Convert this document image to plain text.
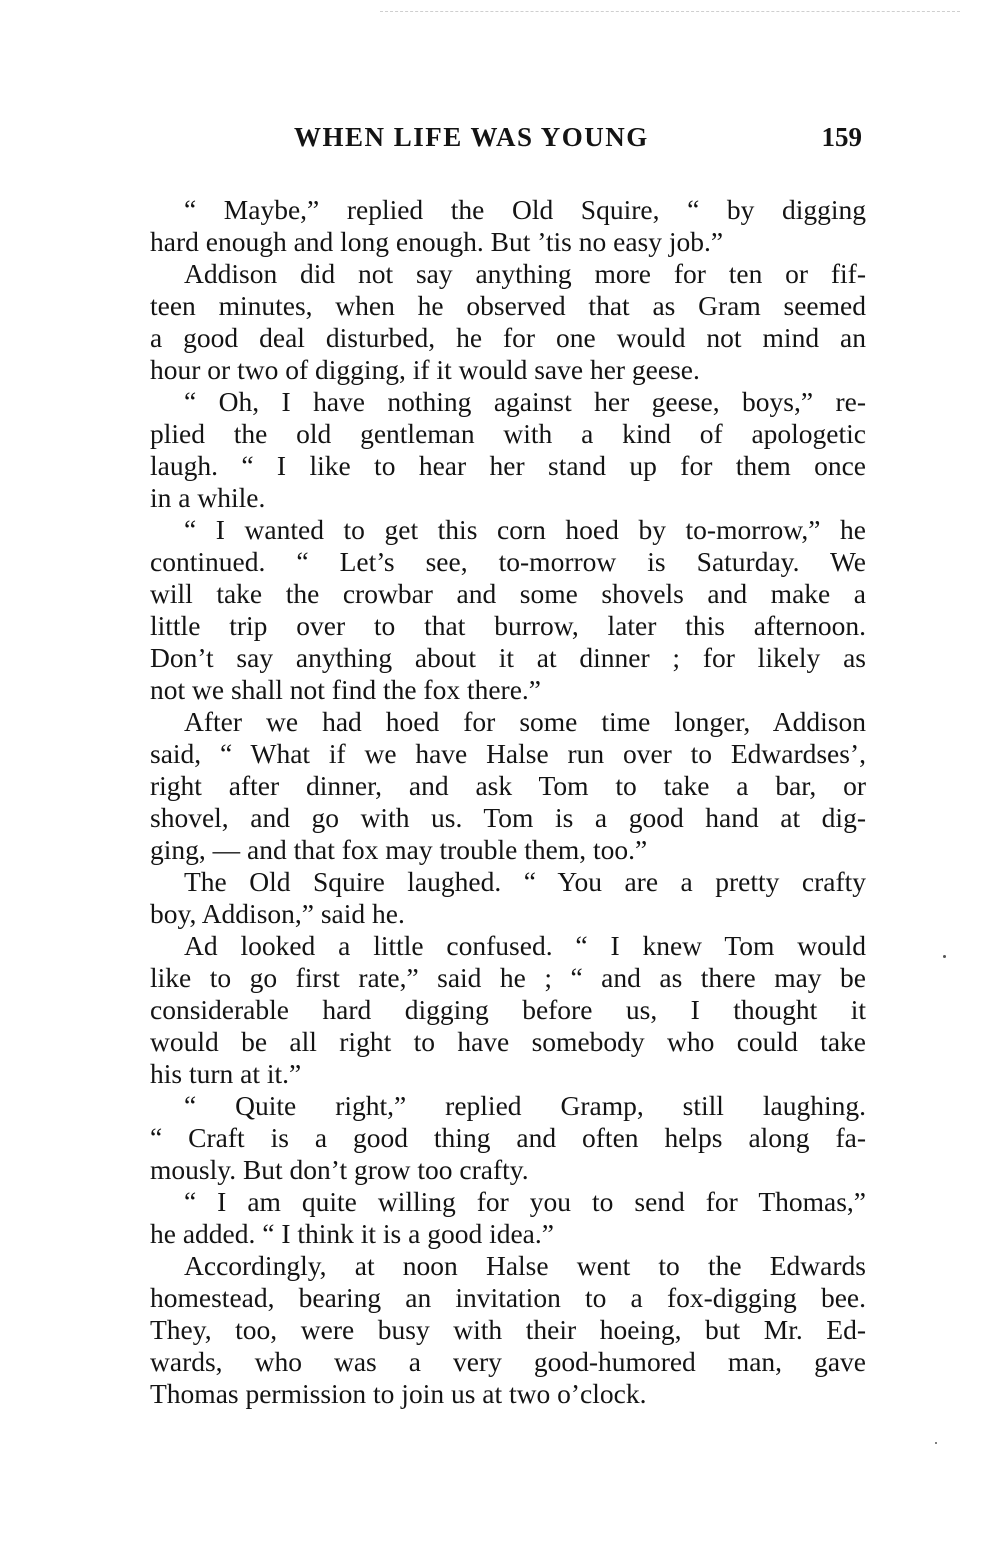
WHEN LIFE WAS YOUNG	159
“ Maybe,” replied the Old Squire, “ by digging
hard enough and long enough. But ’tis no easy job.”
Addison did not say anything more for ten or fif-
teen minutes, when he observed that as Gram seemed
a good deal disturbed, he for one would not mind an
hour or two of digging, if it would save her geese.
“ Oh, I have nothing against her geese, boys,” re-
plied the old gentleman with a kind of apologetic
laugh. “ I like to hear her stand up for them once
in a while.
“ I wanted to get this corn hoed by to-morrow,” he
continued. “ Let’s see, to-morrow is Saturday. We
will take the crowbar and some shovels and make a
little trip over to that burrow, later this afternoon.
Don’t say anything about it at dinner ; for likely as
not we shall not find the fox there.”
After we had hoed for some time longer, Addison
said, “ What if we have Halse run over to Edwardses’,
right after dinner, and ask Tom to take a bar, or
shovel, and go with us. Tom is a good hand at dig-
ging, — and that fox may trouble them, too.”
The Old Squire laughed. “ You are a pretty crafty
boy, Addison,” said he.
Ad looked a little confused. “ I knew Tom would
like to go first rate,” said he ; “ and as there may be
considerable hard digging before us, I thought it
would be all right to have somebody who could take
his turn at it.”
“ Quite right,” replied Gramp, still laughing.
“ Craft is a good thing and often helps along fa-
mously. But don’t grow too crafty.
“ I am quite willing for you to send for Thomas,”
he added. “ I think it is a good idea.”
Accordingly, at noon Halse went to the Edwards
homestead, bearing an invitation to a fox-digging bee.
They, too, were busy with their hoeing, but Mr. Ed-
wards, who was a very good-humored man, gave
Thomas permission to join us at two o’clock.
